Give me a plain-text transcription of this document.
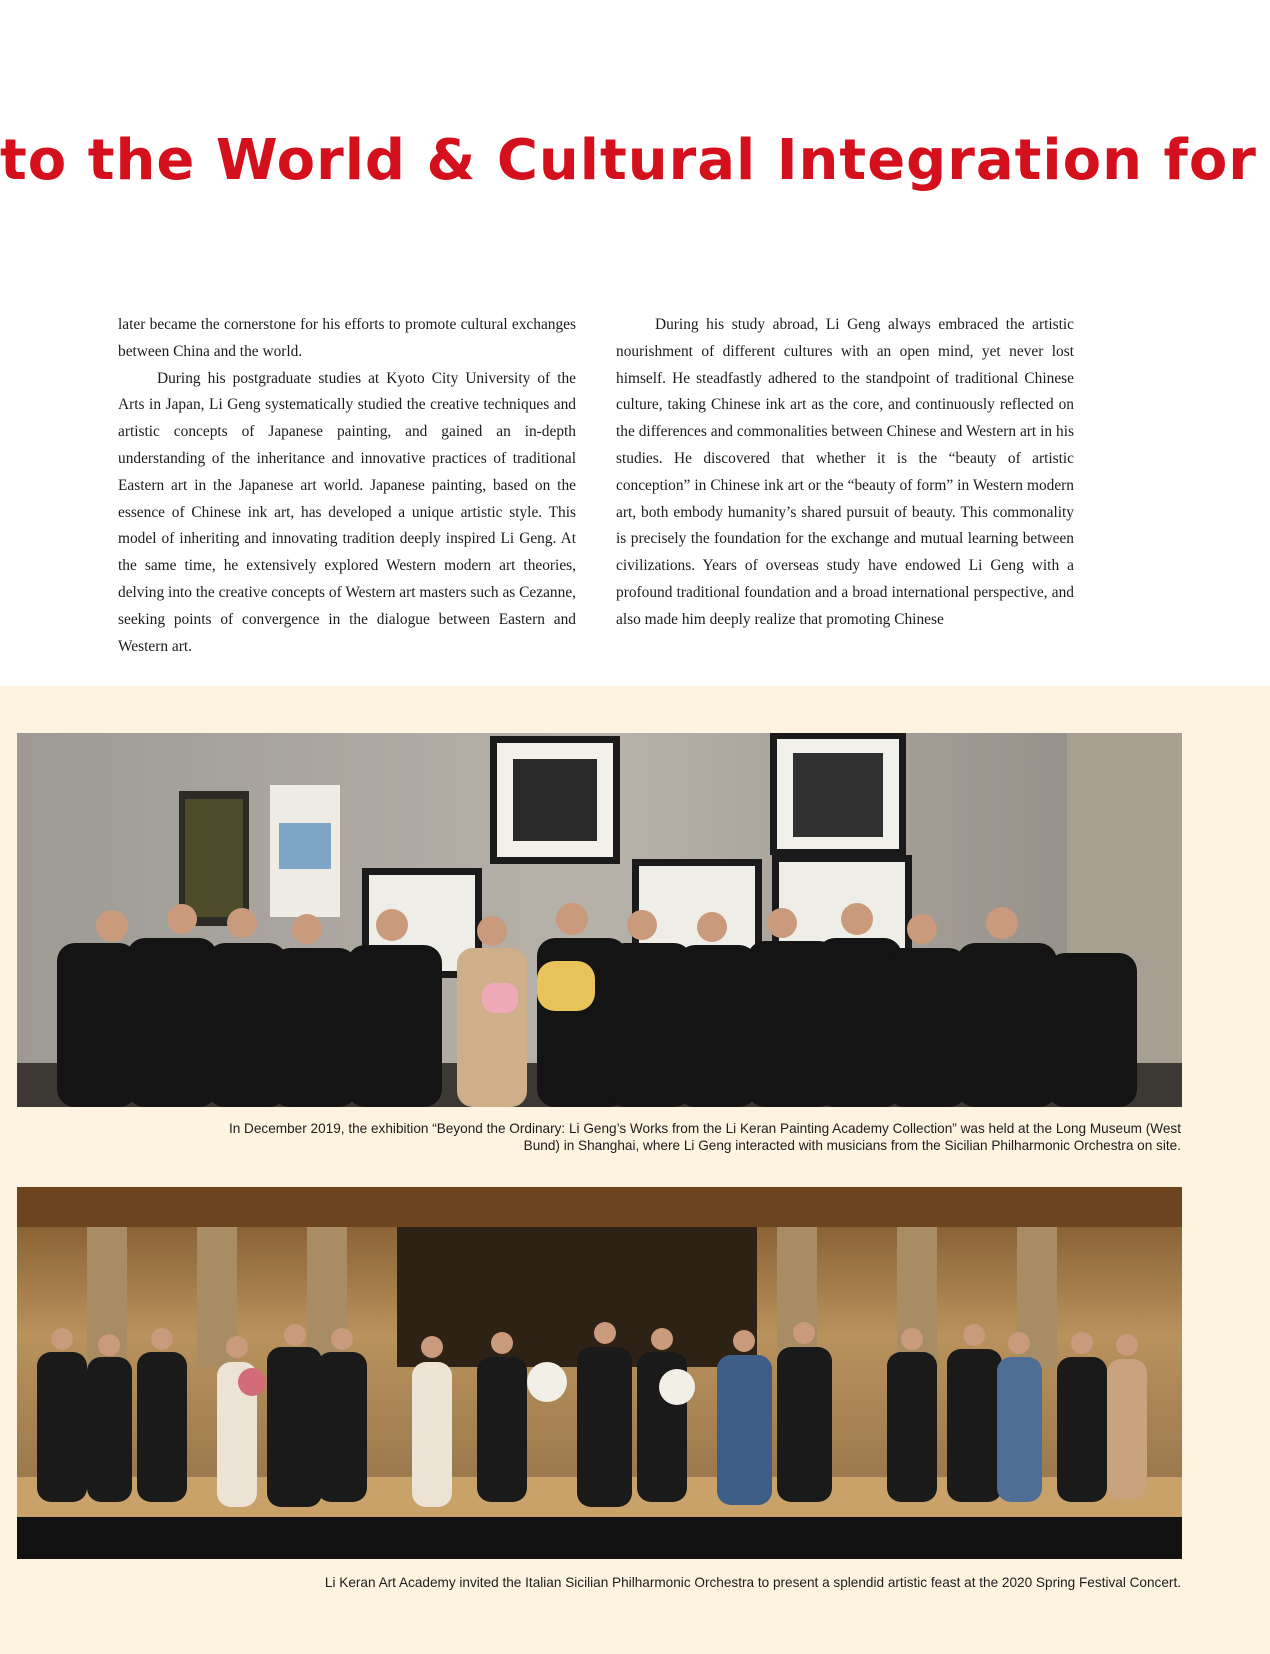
to the World & Cultural Integration for

later became the cornerstone for his efforts to promote cultural exchanges between China and the world.

During his postgraduate studies at Kyoto City University of the Arts in Japan, Li Geng systematically studied the creative techniques and artistic concepts of Japanese painting, and gained an in-depth understanding of the inheritance and innovative practices of traditional Eastern art in the Japanese art world. Japanese painting, based on the essence of Chinese ink art, has developed a unique artistic style. This model of inheriting and innovating tradition deeply inspired Li Geng. At the same time, he extensively explored Western modern art theories, delving into the creative concepts of Western art masters such as Cezanne, seeking points of convergence in the dialogue between Eastern and Western art.

During his study abroad, Li Geng always embraced the artistic nourishment of different cultures with an open mind, yet never lost himself. He steadfastly adhered to the standpoint of traditional Chinese culture, taking Chinese ink art as the core, and continuously reflected on the differences and commonalities between Chinese and Western art in his studies. He discovered that whether it is the “beauty of artistic conception” in Chinese ink art or the “beauty of form” in Western modern art, both embody humanity’s shared pursuit of beauty. This commonality is precisely the foundation for the exchange and mutual learning between civilizations. Years of overseas study have endowed Li Geng with a profound traditional foundation and a broad international perspective, and also made him deeply realize that promoting Chinese

In December 2019, the exhibition “Beyond the Ordinary: Li Geng’s Works from the Li Keran Painting Academy Collection” was held at the Long Museum (West
Bund) in Shanghai, where Li Geng interacted with musicians from the Sicilian Philharmonic Orchestra on site.
Li Keran Art Academy invited the Italian Sicilian Philharmonic Orchestra to present a splendid artistic feast at the 2020 Spring Festival Concert.
